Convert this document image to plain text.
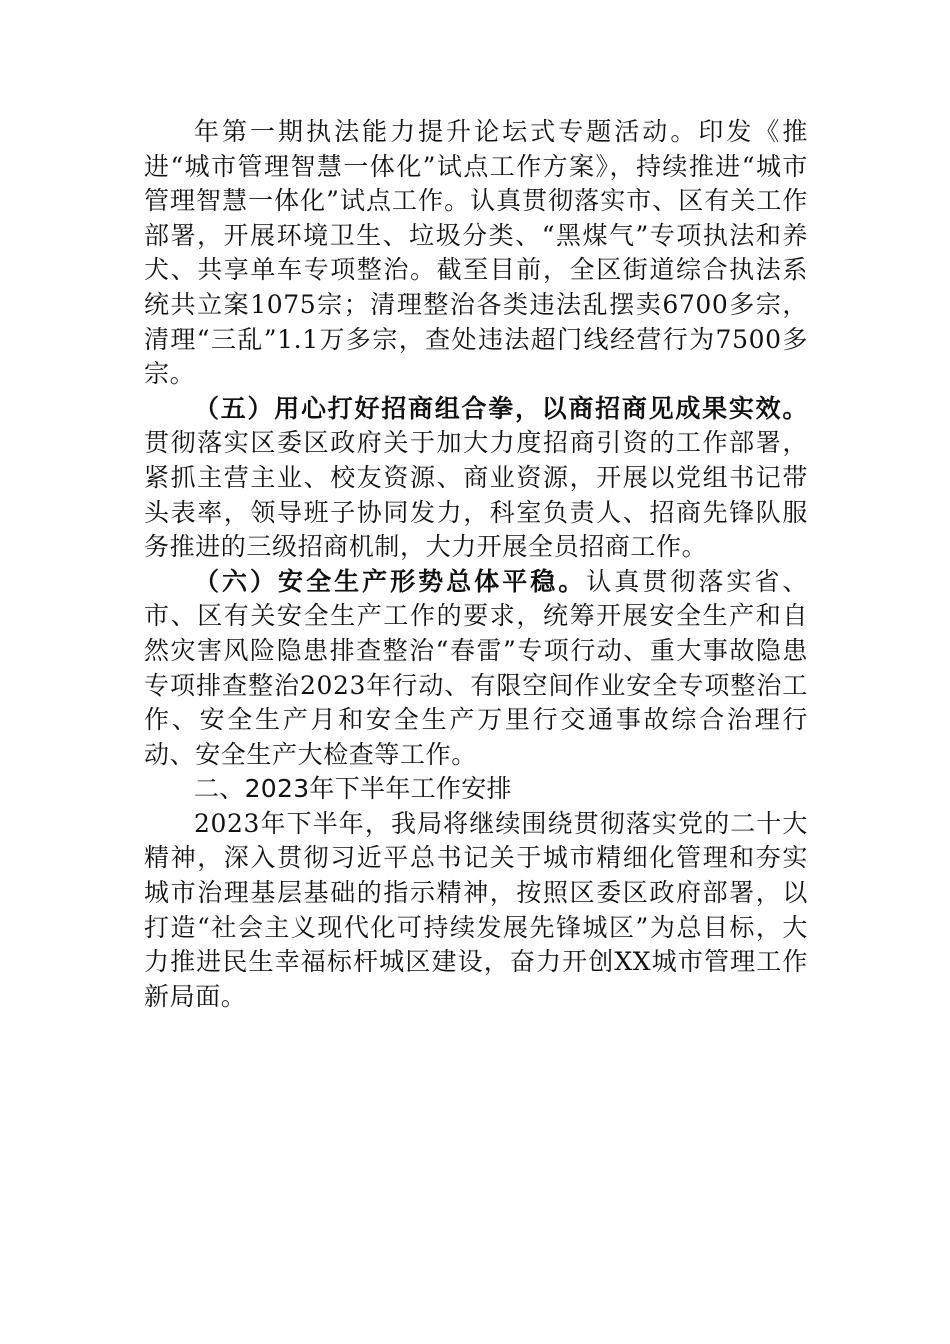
年第一期执法能力提升论坛式专题活动。印发《推进“城市管理智慧一体化”试点工作方案》，持续推进“城市管理智慧一体化”试点工作。认真贯彻落实市、区有关工作部署，开展环境卫生、垃圾分类、“黑煤气”专项执法和养犬、共享单车专项整治。截至目前，全区街道综合执法系统共立案1075宗；清理整治各类违法乱摆卖6700多宗，清理“三乱”1.1万多宗，查处违法超门线经营行为7500多宗。

（五）用心打好招商组合拳，以商招商见成果实效。贯彻落实区委区政府关于加大力度招商引资的工作部署，紧抓主营主业、校友资源、商业资源，开展以党组书记带头表率，领导班子协同发力，科室负责人、招商先锋队服务推进的三级招商机制，大力开展全员招商工作。

（六）安全生产形势总体平稳。认真贯彻落实省、市、区有关安全生产工作的要求，统筹开展安全生产和自然灾害风险隐患排查整治“春雷”专项行动、重大事故隐患专项排查整治2023年行动、有限空间作业安全专项整治工作、安全生产月和安全生产万里行交通事故综合治理行动、安全生产大检查等工作。

二、2023年下半年工作安排

2023年下半年，我局将继续围绕贯彻落实党的二十大精神，深入贯彻习近平总书记关于城市精细化管理和夯实城市治理基层基础的指示精神，按照区委区政府部署，以打造“社会主义现代化可持续发展先锋城区”为总目标，大力推进民生幸福标杆城区建设，奋力开创XX城市管理工作新局面。
